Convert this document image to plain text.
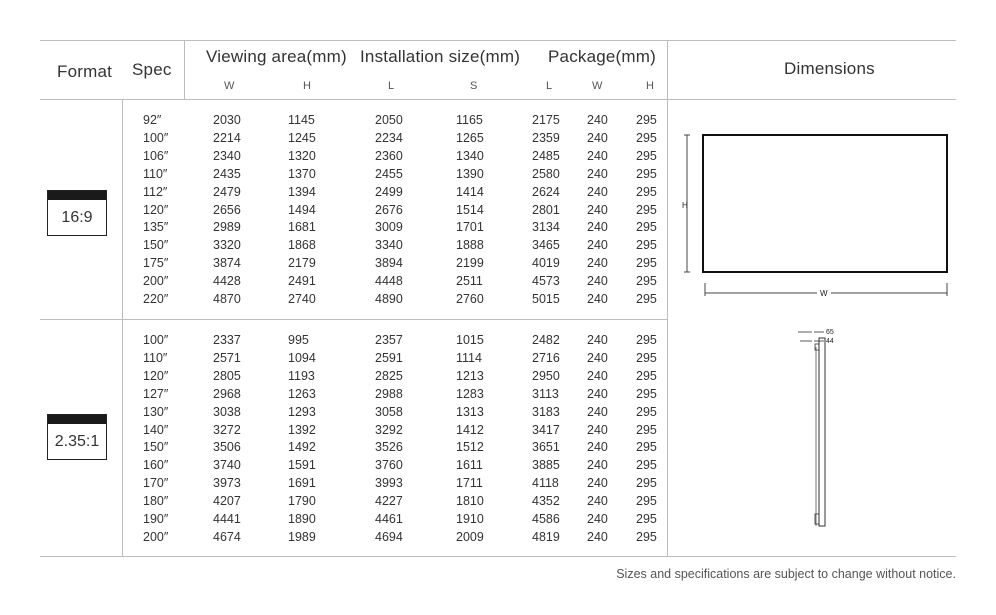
Format Spec
Viewing area(mm) Installation size(mm) Package(mm)
Dimensions
W	H	L	S	L	W	H
16:9
2.35:1
92″	2030	1145	2050	1165	2175 240 295
100″	2214	1245	2234	1265	2359 240 295
106″	2340	1320	2360	1340	2485 240 295
110″	2435	1370	2455	1390	2580 240 295
112″	2479	1394	2499	1414	2624 240 295
120″	2656	1494	2676	1514	2801 240 295
135″	2989	1681	3009	1701	3134 240 295
150″	3320	1868	3340	1888	3465 240 295
175″	3874	2179	3894	2199	4019 240 295
200″	4428	2491	4448	2511	4573 240 295
220″	4870	2740	4890	2760	5015 240 295
100″	2337	995	2357	1015	2482 240 295
110″	2571	1094	2591	1114	2716 240 295
120″	2805	1193	2825	1213	2950 240 295
127″	2968	1263	2988	1283	3113 240 295
130″	3038	1293	3058	1313	3183 240 295
140″	3272	1392	3292	1412	3417 240 295
150″	3506	1492	3526	1512	3651 240 295
160″	3740	1591	3760	1611	3885 240 295
170″	3973	1691	3993	1711	4118 240 295
180″	4207	1790	4227	1810	4352 240 295
190″	4441	1890	4461	1910	4586 240 295
200″	4674	1989	4694	2009	4819 240 295
H
W
65
44
Sizes and specifications are subject to change without notice.
